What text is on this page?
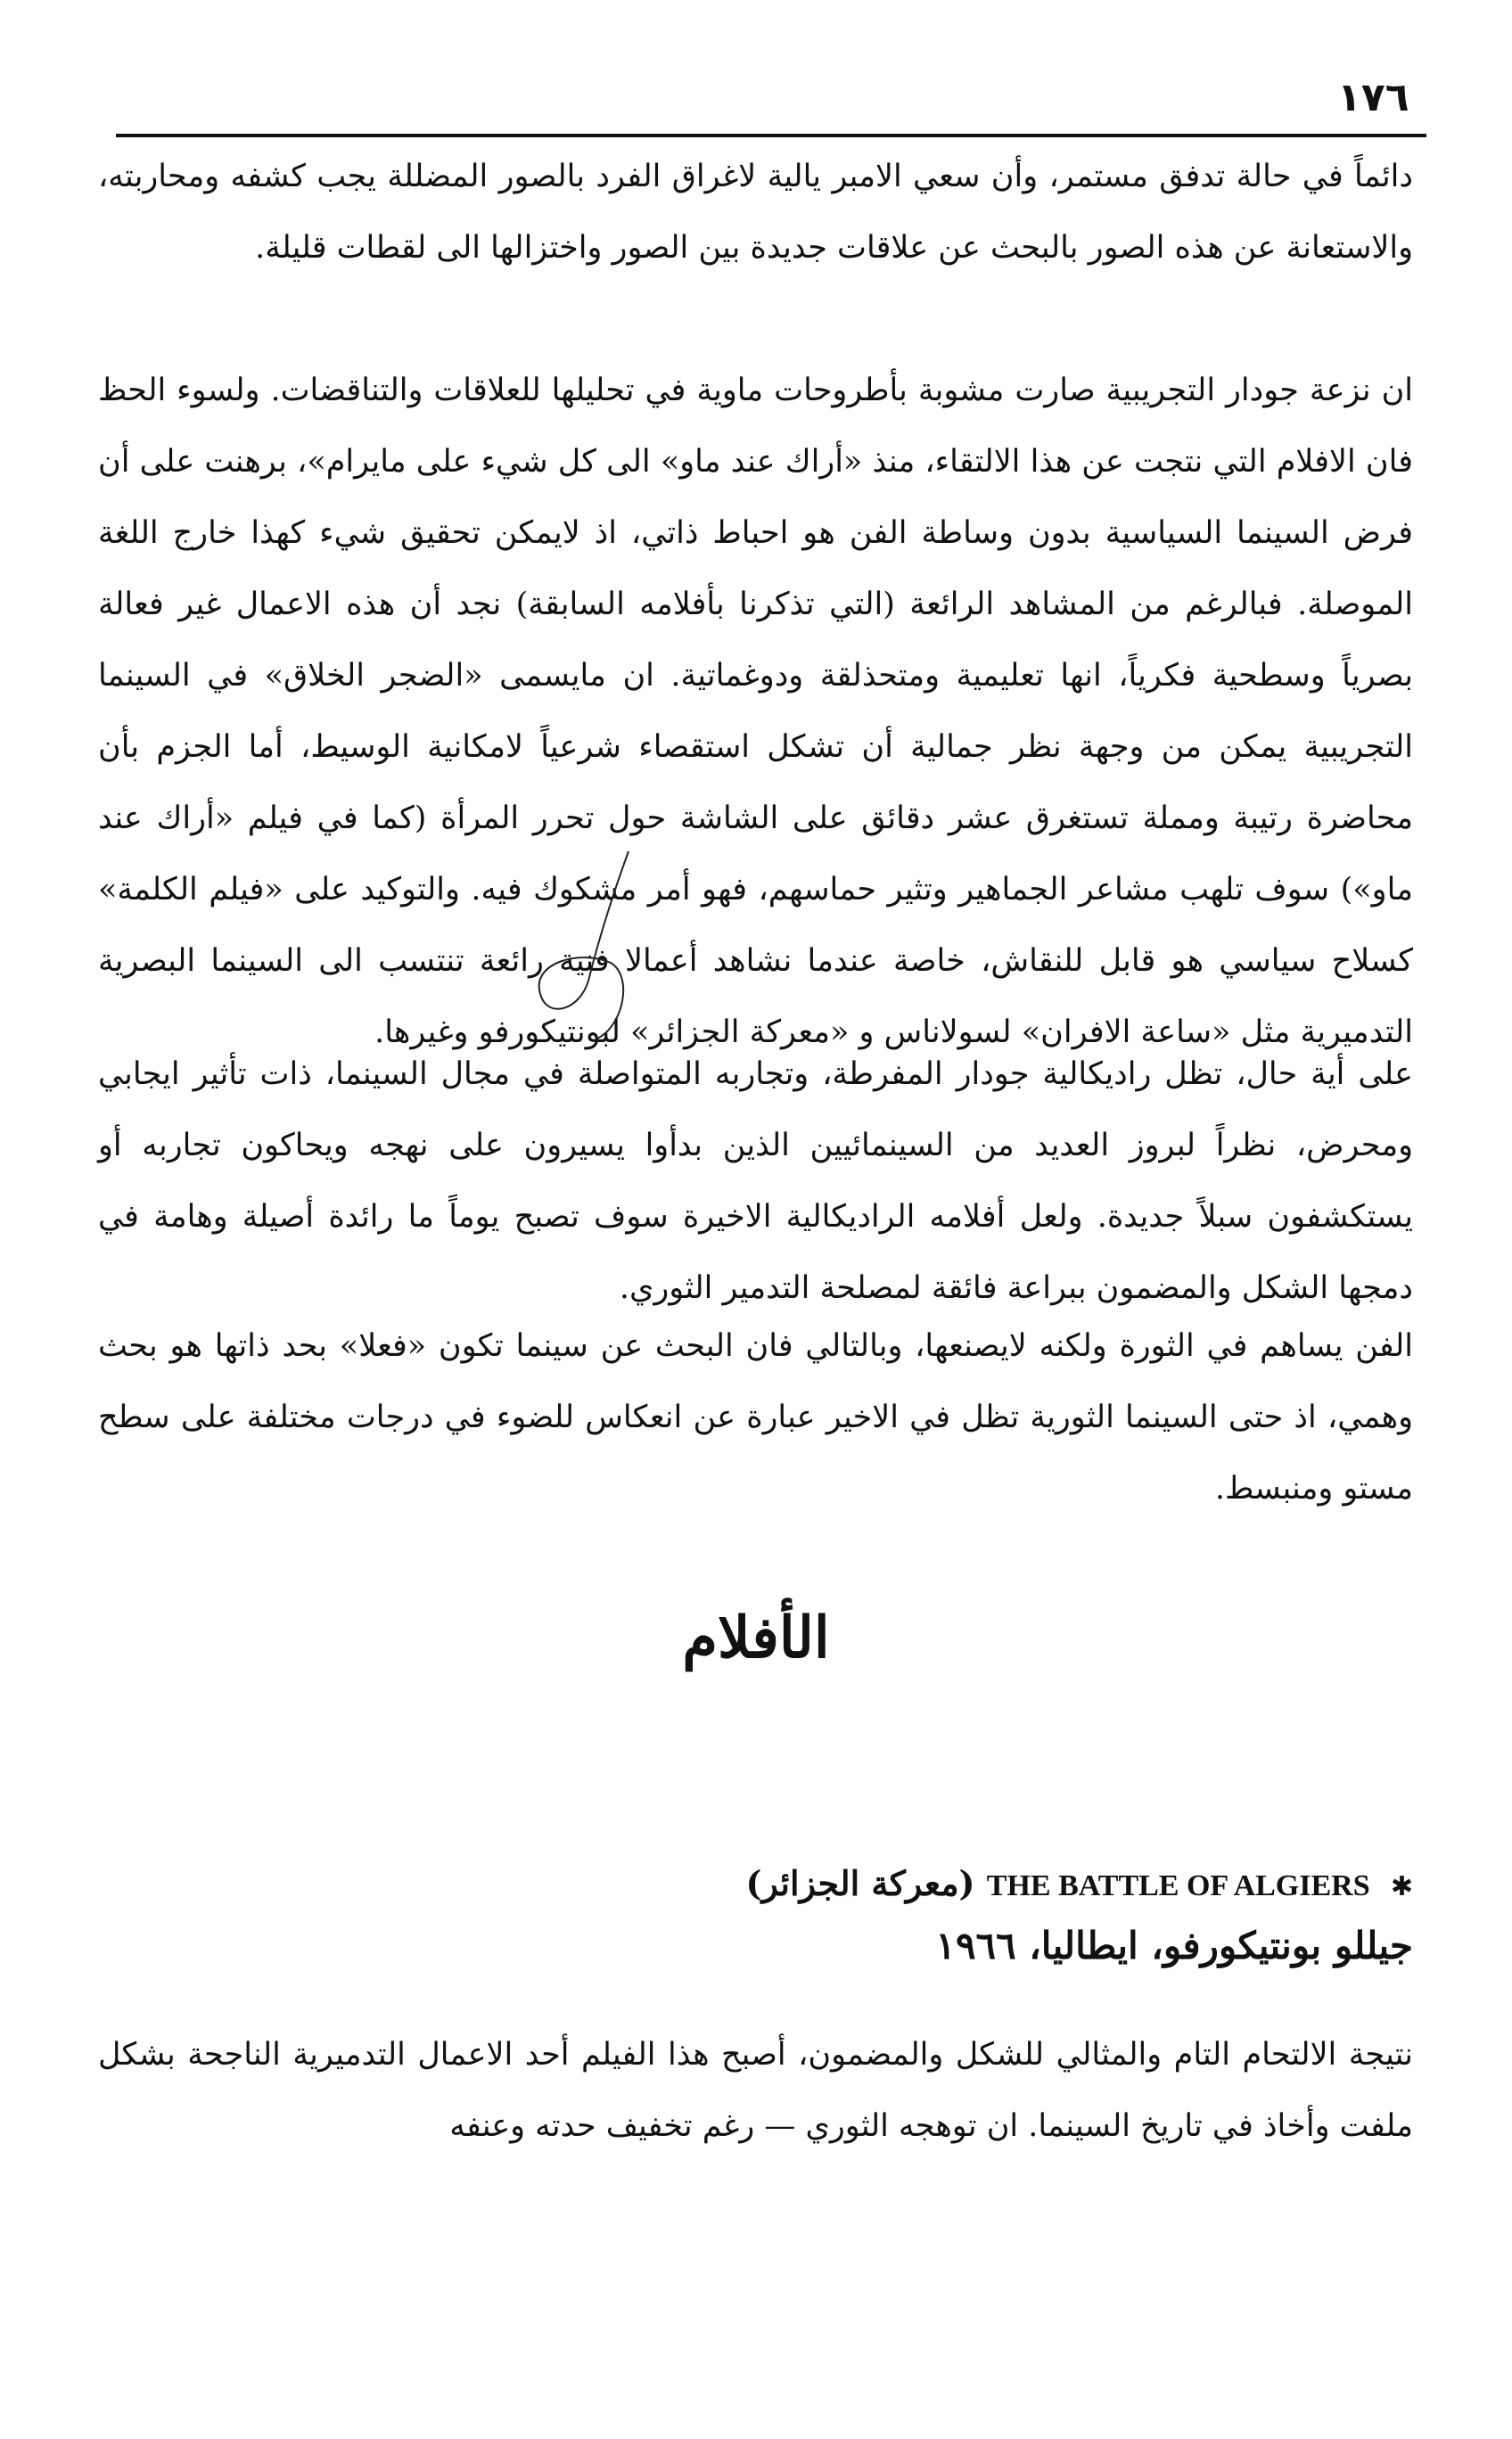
١٧٦

دائماً في حالة تدفق مستمر، وأن سعي الامبر يالية لاغراق الفرد بالصور المضللة يجب كشفه ومحاربته، والاستعانة عن هذه الصور بالبحث عن علاقات جديدة بين الصور واختزالها الى لقطات قليلة.

ان نزعة جودار التجريبية صارت مشوبة بأطروحات ماوية في تحليلها للعلاقات والتناقضات. ولسوء الحظ فان الافلام التي نتجت عن هذا الالتقاء، منذ «أراك عند ماو» الى كل شيء على مايرام»، برهنت على أن فرض السينما السياسية بدون وساطة الفن هو احباط ذاتي، اذ لايمكن تحقيق شيء كهذا خارج اللغة الموصلة. فبالرغم من المشاهد الرائعة (التي تذكرنا بأفلامه السابقة) نجد أن هذه الاعمال غير فعالة بصرياً وسطحية فكرياً، انها تعليمية ومتحذلقة ودوغماتية. ان مايسمى «الضجر الخلاق» في السينما التجريبية يمكن من وجهة نظر جمالية أن تشكل استقصاء شرعياً لامكانية الوسيط، أما الجزم بأن محاضرة رتيبة ومملة تستغرق عشر دقائق على الشاشة حول تحرر المرأة (كما في فيلم «أراك عند ماو») سوف تلهب مشاعر الجماهير وتثير حماسهم، فهو أمر مشكوك فيه. والتوكيد على «فيلم الكلمة» كسلاح سياسي هو قابل للنقاش، خاصة عندما نشاهد أعمالا فنية رائعة تنتسب الى السينما البصرية التدميرية مثل «ساعة الافران» لسولاناس و «معركة الجزائر» لبونتيكورفو وغيرها.

على أية حال، تظل راديكالية جودار المفرطة، وتجاربه المتواصلة في مجال السينما، ذات تأثير ايجابي ومحرض، نظراً لبروز العديد من السينمائيين الذين بدأوا يسيرون على نهجه ويحاكون تجاربه أو يستكشفون سبلاً جديدة. ولعل أفلامه الراديكالية الاخيرة سوف تصبح يوماً ما رائدة أصيلة وهامة في دمجها الشكل والمضمون ببراعة فائقة لمصلحة التدمير الثوري.

الفن يساهم في الثورة ولكنه لايصنعها، وبالتالي فان البحث عن سينما تكون «فعلا» بحد ذاتها هو بحث وهمي، اذ حتى السينما الثورية تظل في الاخير عبارة عن انعكاس للضوء في درجات مختلفة على سطح مستو ومنبسط.

الأفلام
✱ THE BATTLE OF ALGIERS (معركة الجزائر)
جيللو بونتيكورفو، ايطاليا، ١٩٦٦

نتيجة الالتحام التام والمثالي للشكل والمضمون، أصبح هذا الفيلم أحد الاعمال التدميرية الناجحة بشكل ملفت وأخاذ في تاريخ السينما. ان توهجه الثوري — رغم تخفيف حدته وعنفه
